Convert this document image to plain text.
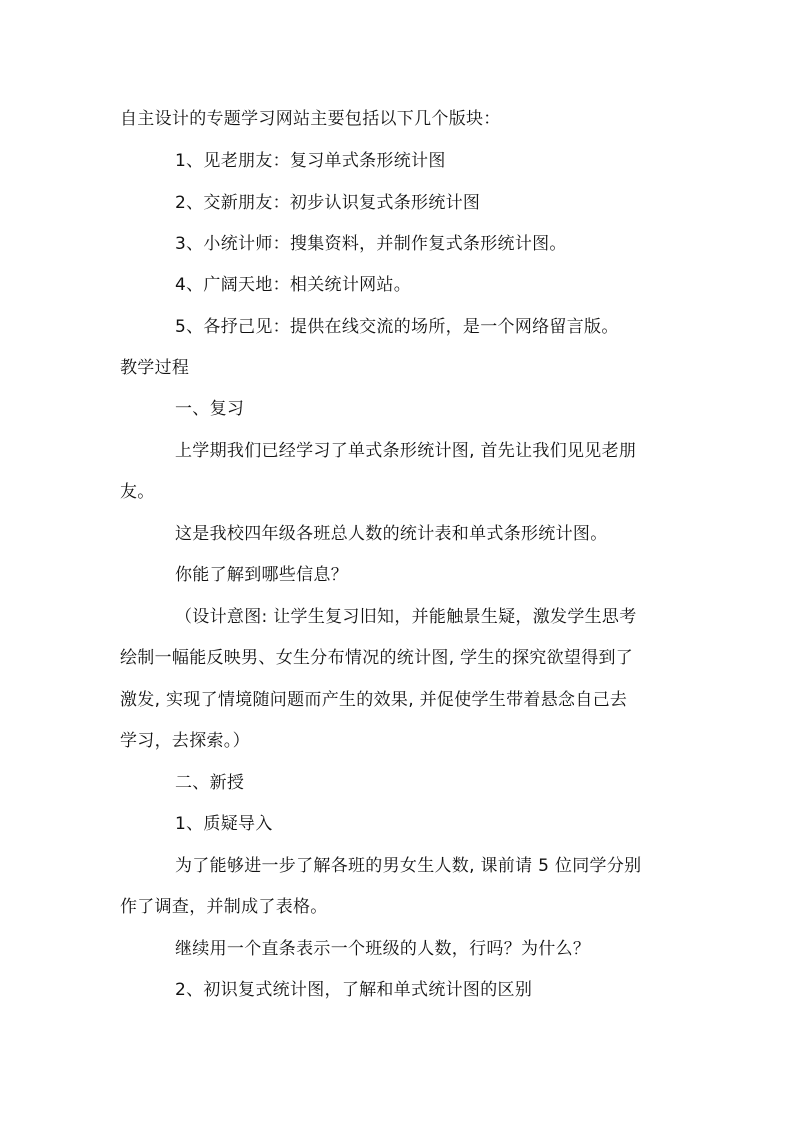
自主设计的专题学习网站主要包括以下几个版块：
1、见老朋友：复习单式条形统计图
2、交新朋友：初步认识复式条形统计图
3、小统计师：搜集资料，并制作复式条形统计图。
4、广阔天地：相关统计网站。
5、各抒己见：提供在线交流的场所，是一个网络留言版。
教学过程
一、复习
上学期我们已经学习了单式条形统计图, 首先让我们见见老朋
友。
这是我校四年级各班总人数的统计表和单式条形统计图。
你能了解到哪些信息？
（设计意图: 让学生复习旧知，并能触景生疑，激发学生思考
绘制一幅能反映男、女生分布情况的统计图, 学生的探究欲望得到了
激发, 实现了情境随问题而产生的效果, 并促使学生带着悬念自己去
学习，去探索。）
二、新授
1、质疑导入
为了能够进一步了解各班的男女生人数, 课前请 5 位同学分别
作了调查，并制成了表格。
继续用一个直条表示一个班级的人数，行吗？为什么？
2、初识复式统计图，了解和单式统计图的区别
